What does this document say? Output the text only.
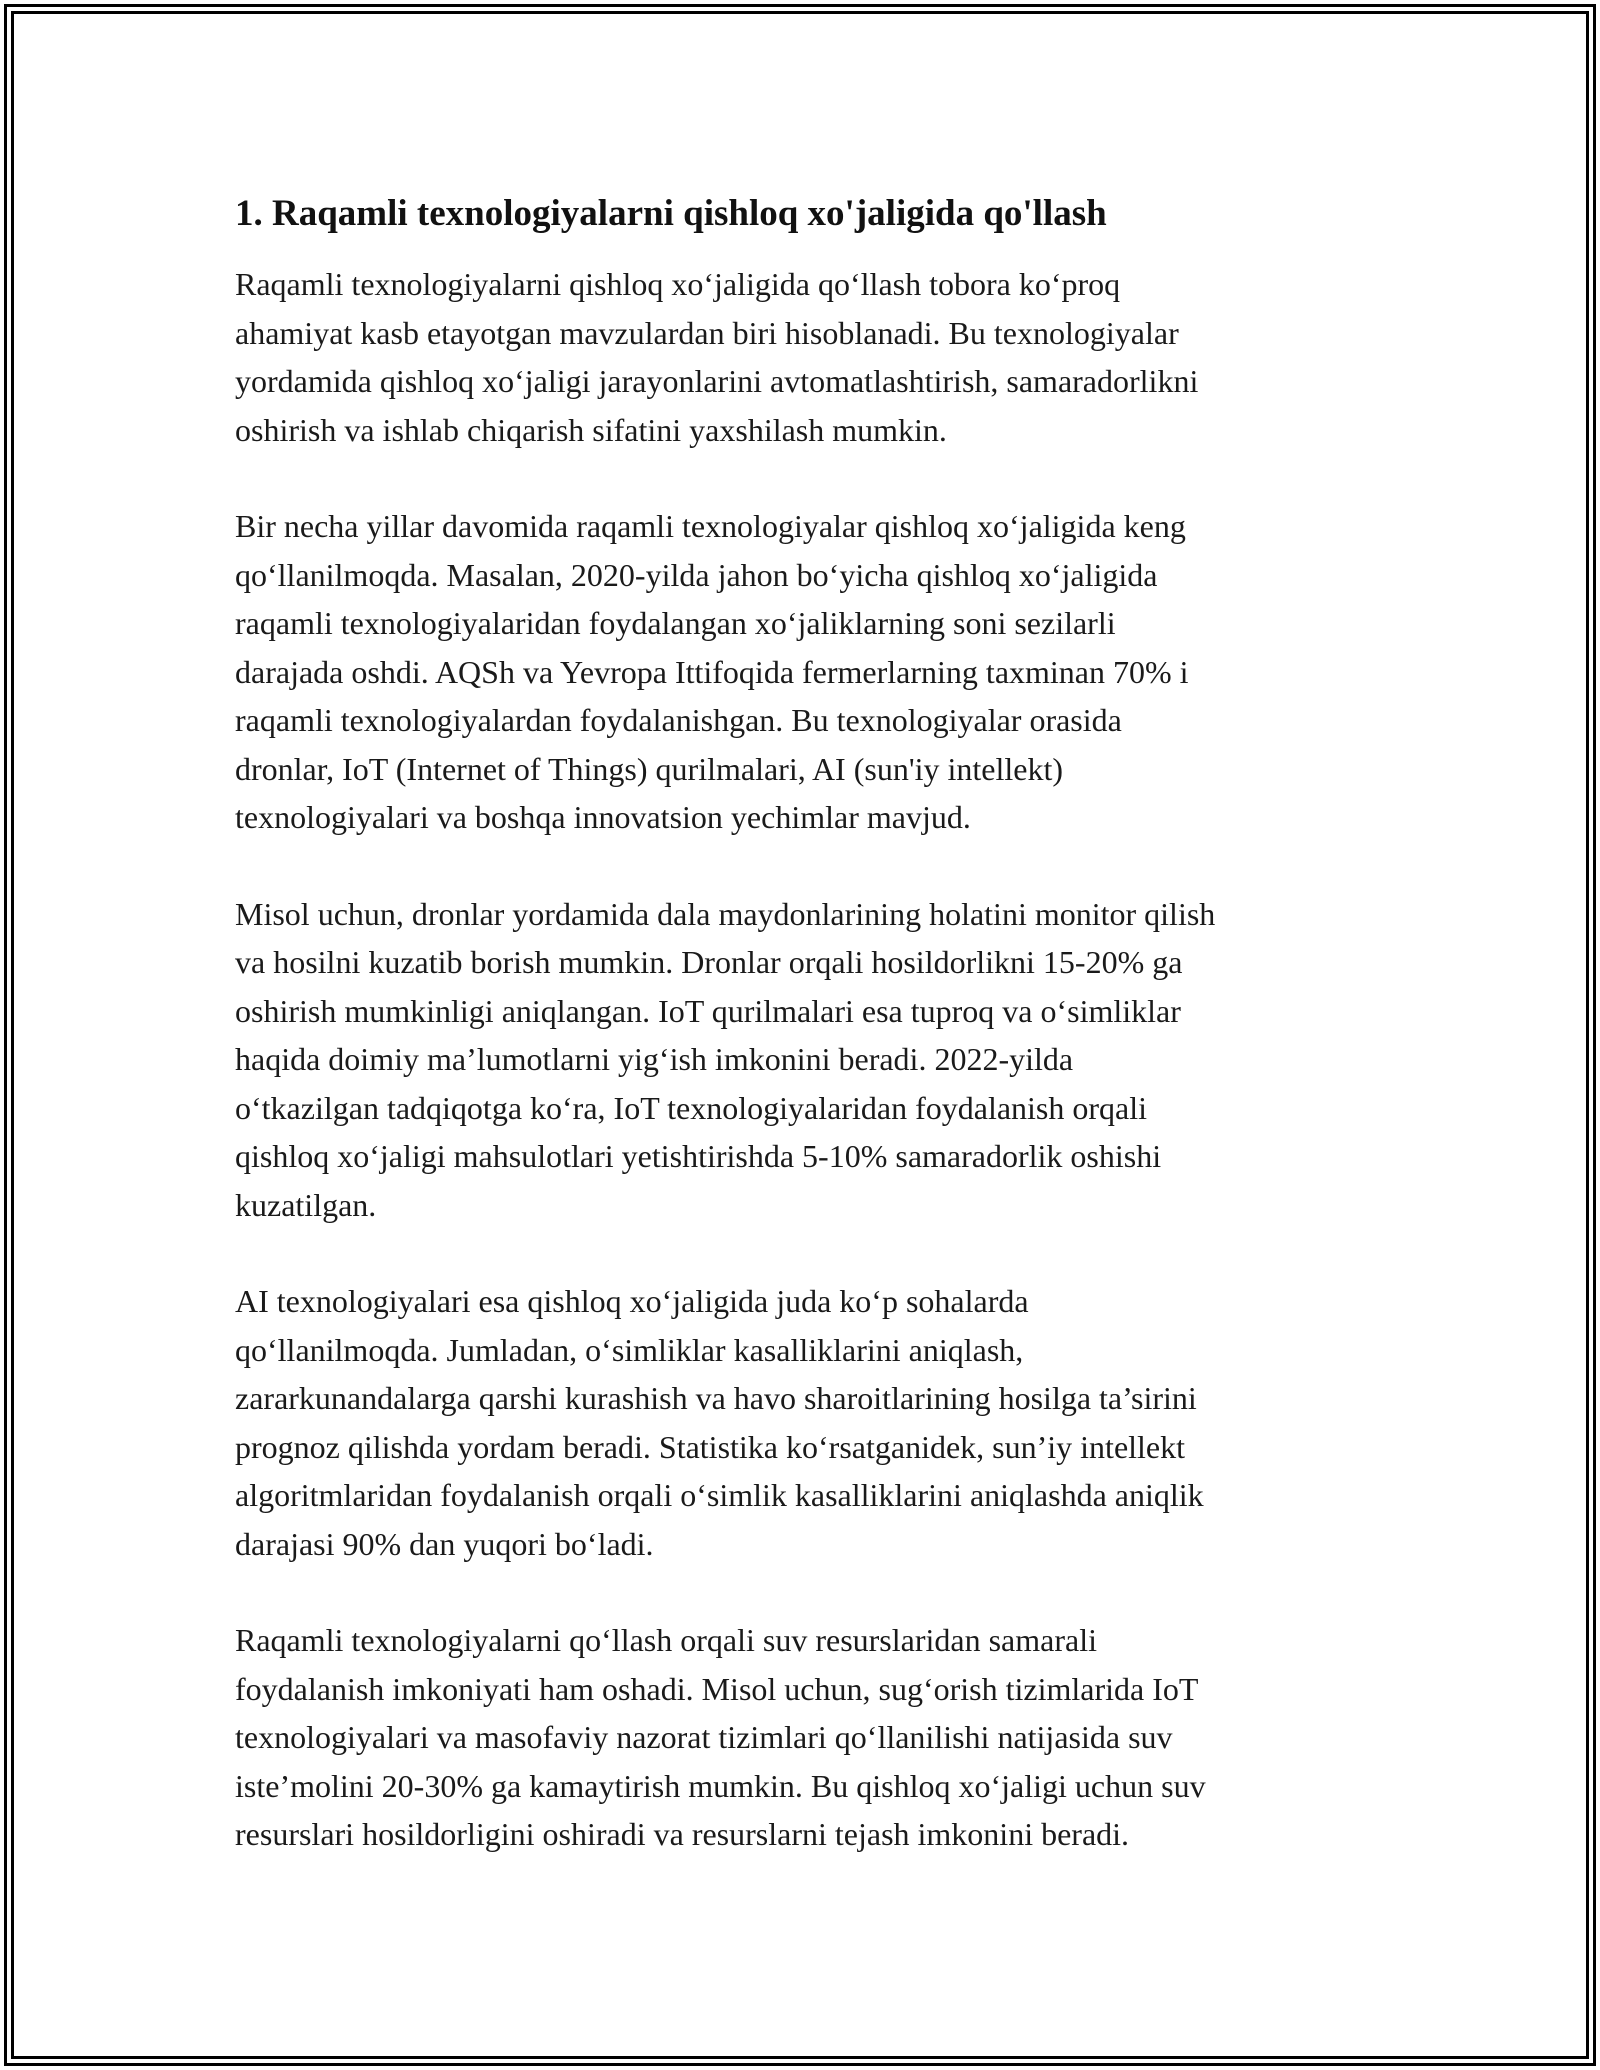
1. Raqamli texnologiyalarni qishloq xo'jaligida qo'llash

Raqamli texnologiyalarni qishloq xo‘jaligida qo‘llash tobora ko‘proq
ahamiyat kasb etayotgan mavzulardan biri hisoblanadi. Bu texnologiyalar
yordamida qishloq xo‘jaligi jarayonlarini avtomatlashtirish, samaradorlikni
oshirish va ishlab chiqarish sifatini yaxshilash mumkin.

Bir necha yillar davomida raqamli texnologiyalar qishloq xo‘jaligida keng
qo‘llanilmoqda. Masalan, 2020-yilda jahon bo‘yicha qishloq xo‘jaligida
raqamli texnologiyalaridan foydalangan xo‘jaliklarning soni sezilarli
darajada oshdi. AQSh va Yevropa Ittifoqida fermerlarning taxminan 70% i
raqamli texnologiyalardan foydalanishgan. Bu texnologiyalar orasida
dronlar, IoT (Internet of Things) qurilmalari, AI (sun'iy intellekt)
texnologiyalari va boshqa innovatsion yechimlar mavjud.

Misol uchun, dronlar yordamida dala maydonlarining holatini monitor qilish
va hosilni kuzatib borish mumkin. Dronlar orqali hosildorlikni 15-20% ga
oshirish mumkinligi aniqlangan. IoT qurilmalari esa tuproq va o‘simliklar
haqida doimiy ma’lumotlarni yig‘ish imkonini beradi. 2022-yilda
o‘tkazilgan tadqiqotga ko‘ra, IoT texnologiyalaridan foydalanish orqali
qishloq xo‘jaligi mahsulotlari yetishtirishda 5-10% samaradorlik oshishi
kuzatilgan.

AI texnologiyalari esa qishloq xo‘jaligida juda ko‘p sohalarda
qo‘llanilmoqda. Jumladan, o‘simliklar kasalliklarini aniqlash,
zararkunandalarga qarshi kurashish va havo sharoitlarining hosilga ta’sirini
prognoz qilishda yordam beradi. Statistika ko‘rsatganidek, sun’iy intellekt
algoritmlaridan foydalanish orqali o‘simlik kasalliklarini aniqlashda aniqlik
darajasi 90% dan yuqori bo‘ladi.

Raqamli texnologiyalarni qo‘llash orqali suv resurslaridan samarali
foydalanish imkoniyati ham oshadi. Misol uchun, sug‘orish tizimlarida IoT
texnologiyalari va masofaviy nazorat tizimlari qo‘llanilishi natijasida suv
iste’molini 20-30% ga kamaytirish mumkin. Bu qishloq xo‘jaligi uchun suv
resurslari hosildorligini oshiradi va resurslarni tejash imkonini beradi.
